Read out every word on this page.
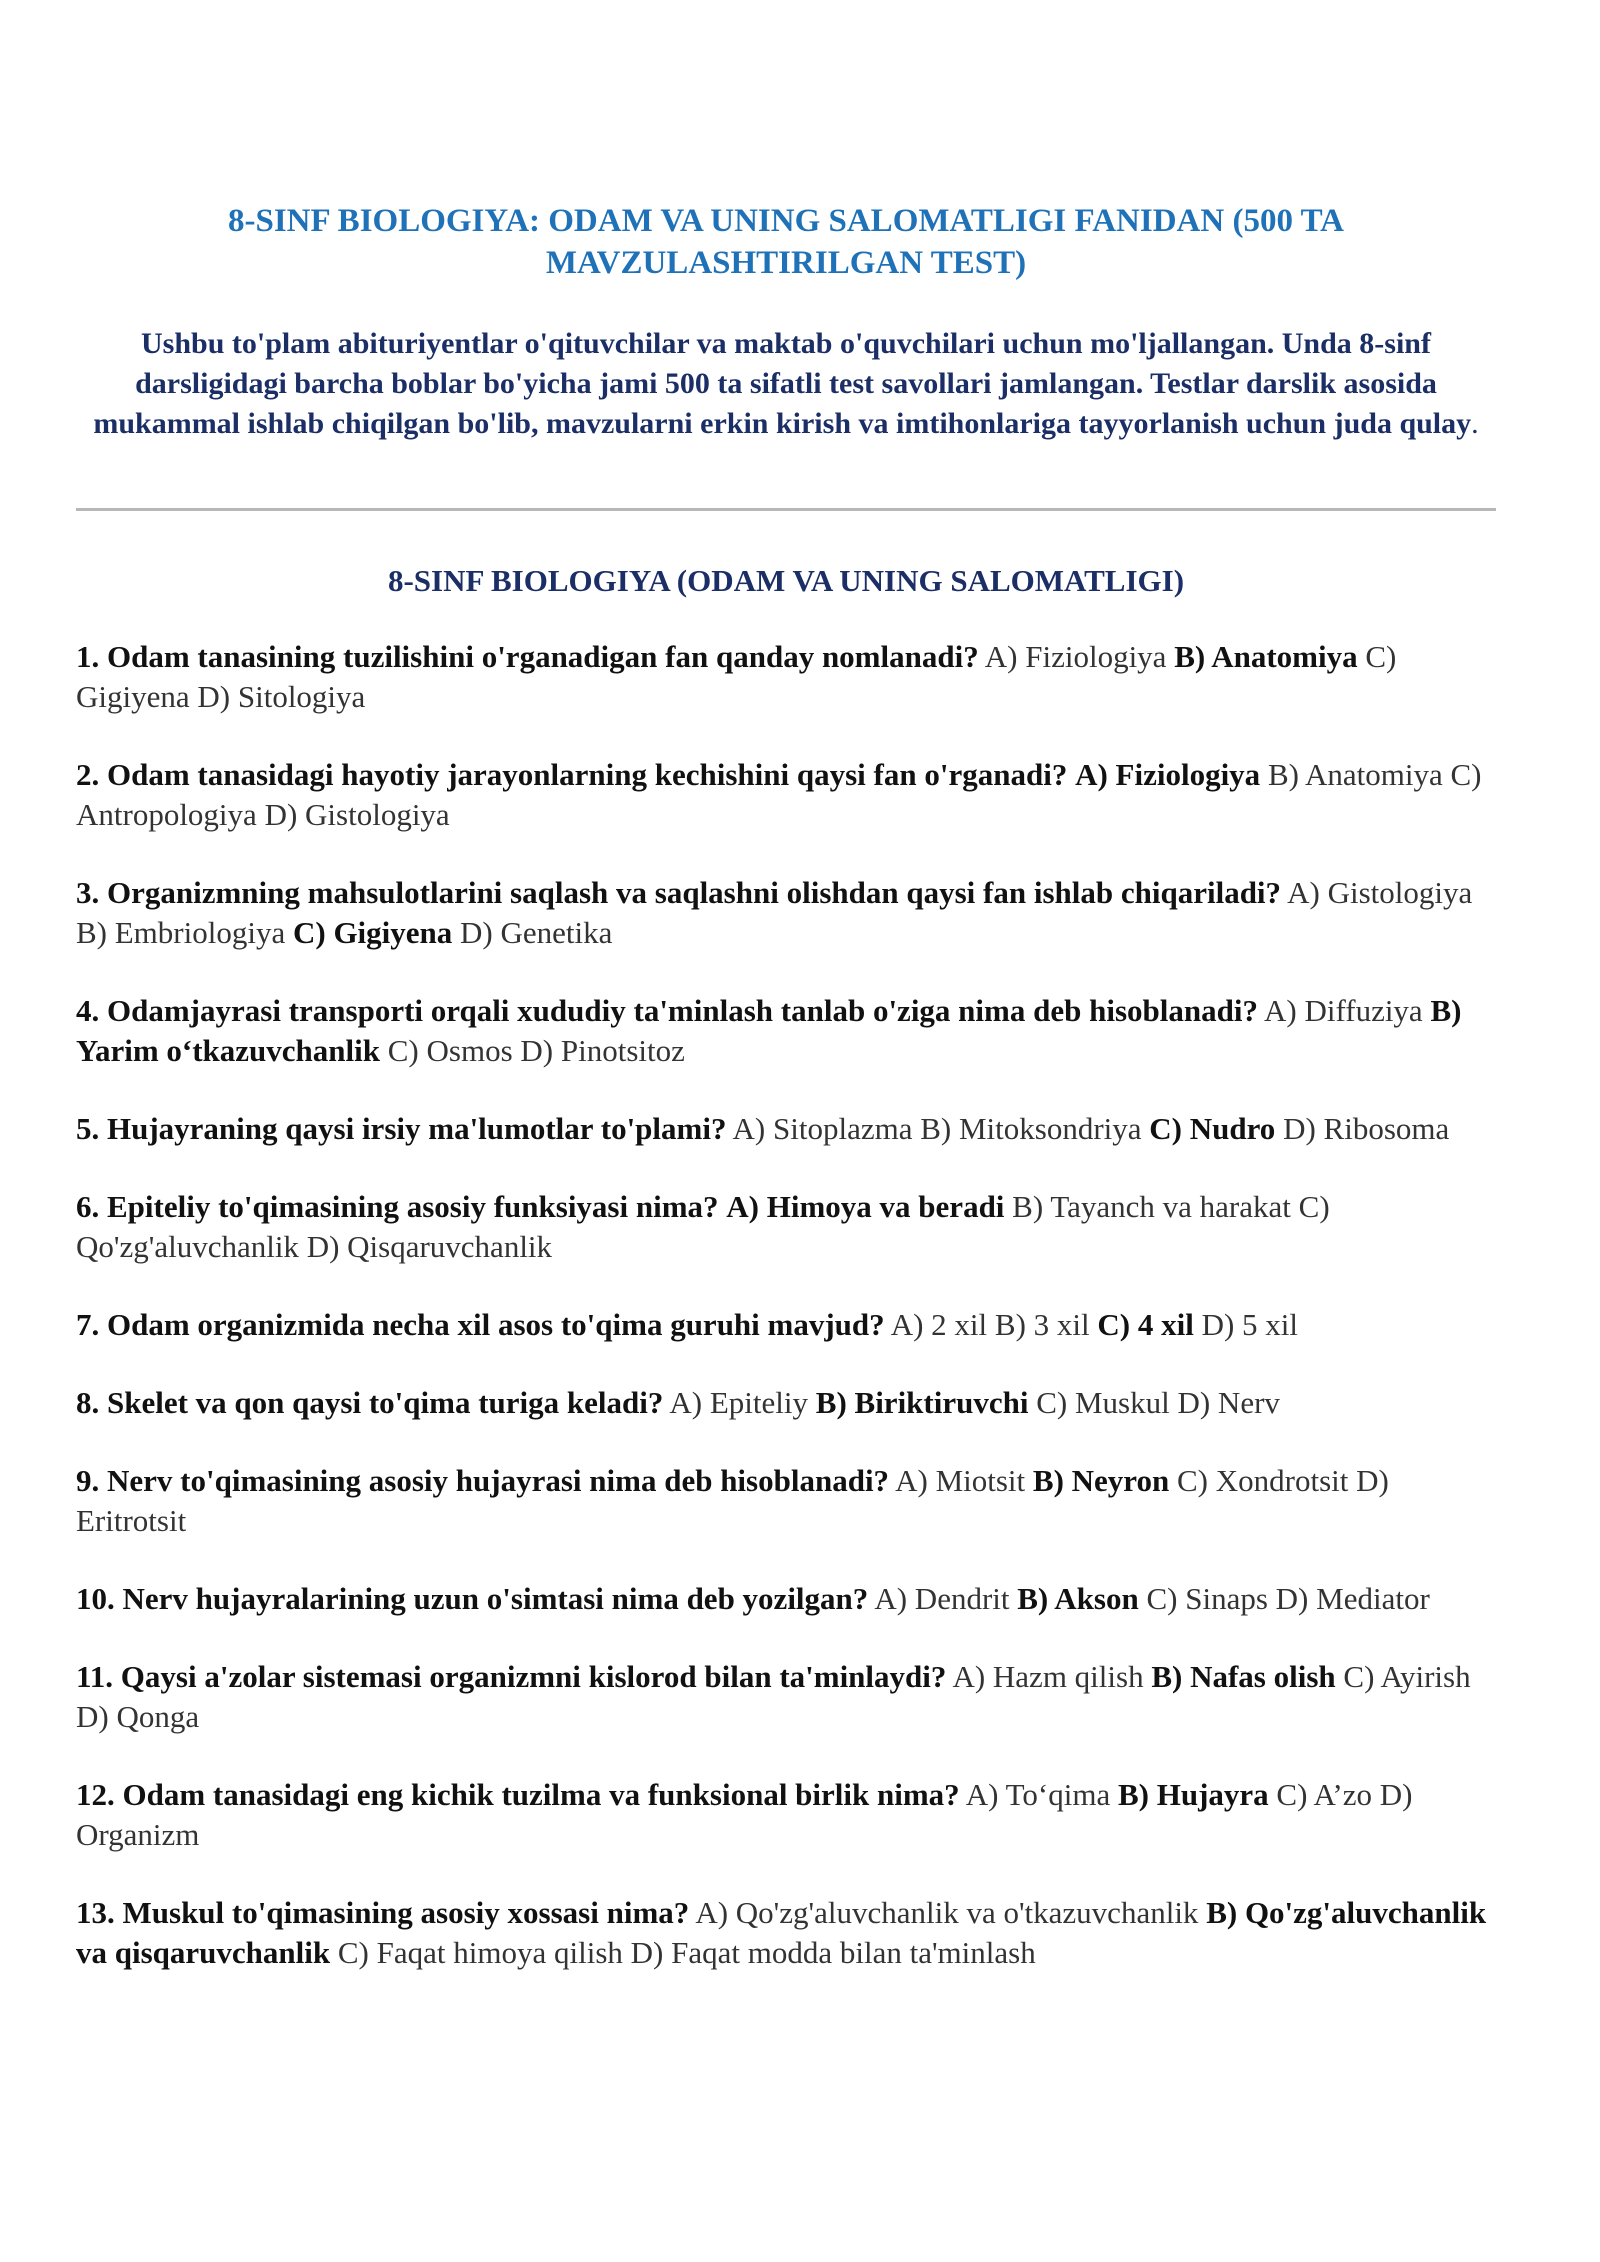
8-SINF BIOLOGIYA: ODAM VA UNING SALOMATLIGI FANIDAN (500 TA MAVZULASHTIRILGAN TEST)

Ushbu to'plam abituriyentlar o'qituvchilar va maktab o'quvchilari uchun mo'ljallangan. Unda 8-sinf darsligidagi barcha boblar bo'yicha jami 500 ta sifatli test savollari jamlangan. Testlar darslik asosida mukammal ishlab chiqilgan bo'lib, mavzularni erkin kirish va imtihonlariga tayyorlanish uchun juda qulay.

8-SINF BIOLOGIYA (ODAM VA UNING SALOMATLIGI)
1. Odam tanasining tuzilishini o'rganadigan fan qanday nomlanadi? A) Fiziologiya B) Anatomiya C) Gigiyena D) Sitologiya
2. Odam tanasidagi hayotiy jarayonlarning kechishini qaysi fan o'rganadi? A) Fiziologiya B) Anatomiya C) Antropologiya D) Gistologiya
3. Organizmning mahsulotlarini saqlash va saqlashni olishdan qaysi fan ishlab chiqariladi? A) Gistologiya B) Embriologiya C) Gigiyena D) Genetika
4. Odamjayrasi transporti orqali xududiy ta'minlash tanlab o'ziga nima deb hisoblanadi? A) Diffuziya B) Yarim o‘tkazuvchanlik C) Osmos D) Pinotsitoz
5. Hujayraning qaysi irsiy ma'lumotlar to'plami? A) Sitoplazma B) Mitoksondriya C) Nudro D) Ribosoma
6. Epiteliy to'qimasining asosiy funksiyasi nima? A) Himoya va beradi B) Tayanch va harakat C) Qo'zg'aluvchanlik D) Qisqaruvchanlik
7. Odam organizmida necha xil asos to'qima guruhi mavjud? A) 2 xil B) 3 xil C) 4 xil D) 5 xil
8. Skelet va qon qaysi to'qima turiga keladi? A) Epiteliy B) Biriktiruvchi C) Muskul D) Nerv
9. Nerv to'qimasining asosiy hujayrasi nima deb hisoblanadi? A) Miotsit B) Neyron C) Xondrotsit D) Eritrotsit
10. Nerv hujayralarining uzun o'simtasi nima deb yozilgan? A) Dendrit B) Akson C) Sinaps D) Mediator
11. Qaysi a'zolar sistemasi organizmni kislorod bilan ta'minlaydi? A) Hazm qilish B) Nafas olish C) Ayirish D) Qonga
12. Odam tanasidagi eng kichik tuzilma va funksional birlik nima? A) To‘qima B) Hujayra C) A’zo D) Organizm
13. Muskul to'qimasining asosiy xossasi nima? A) Qo'zg'aluvchanlik va o'tkazuvchanlik B) Qo'zg'aluvchanlik va qisqaruvchanlik C) Faqat himoya qilish D) Faqat modda bilan ta'minlash
